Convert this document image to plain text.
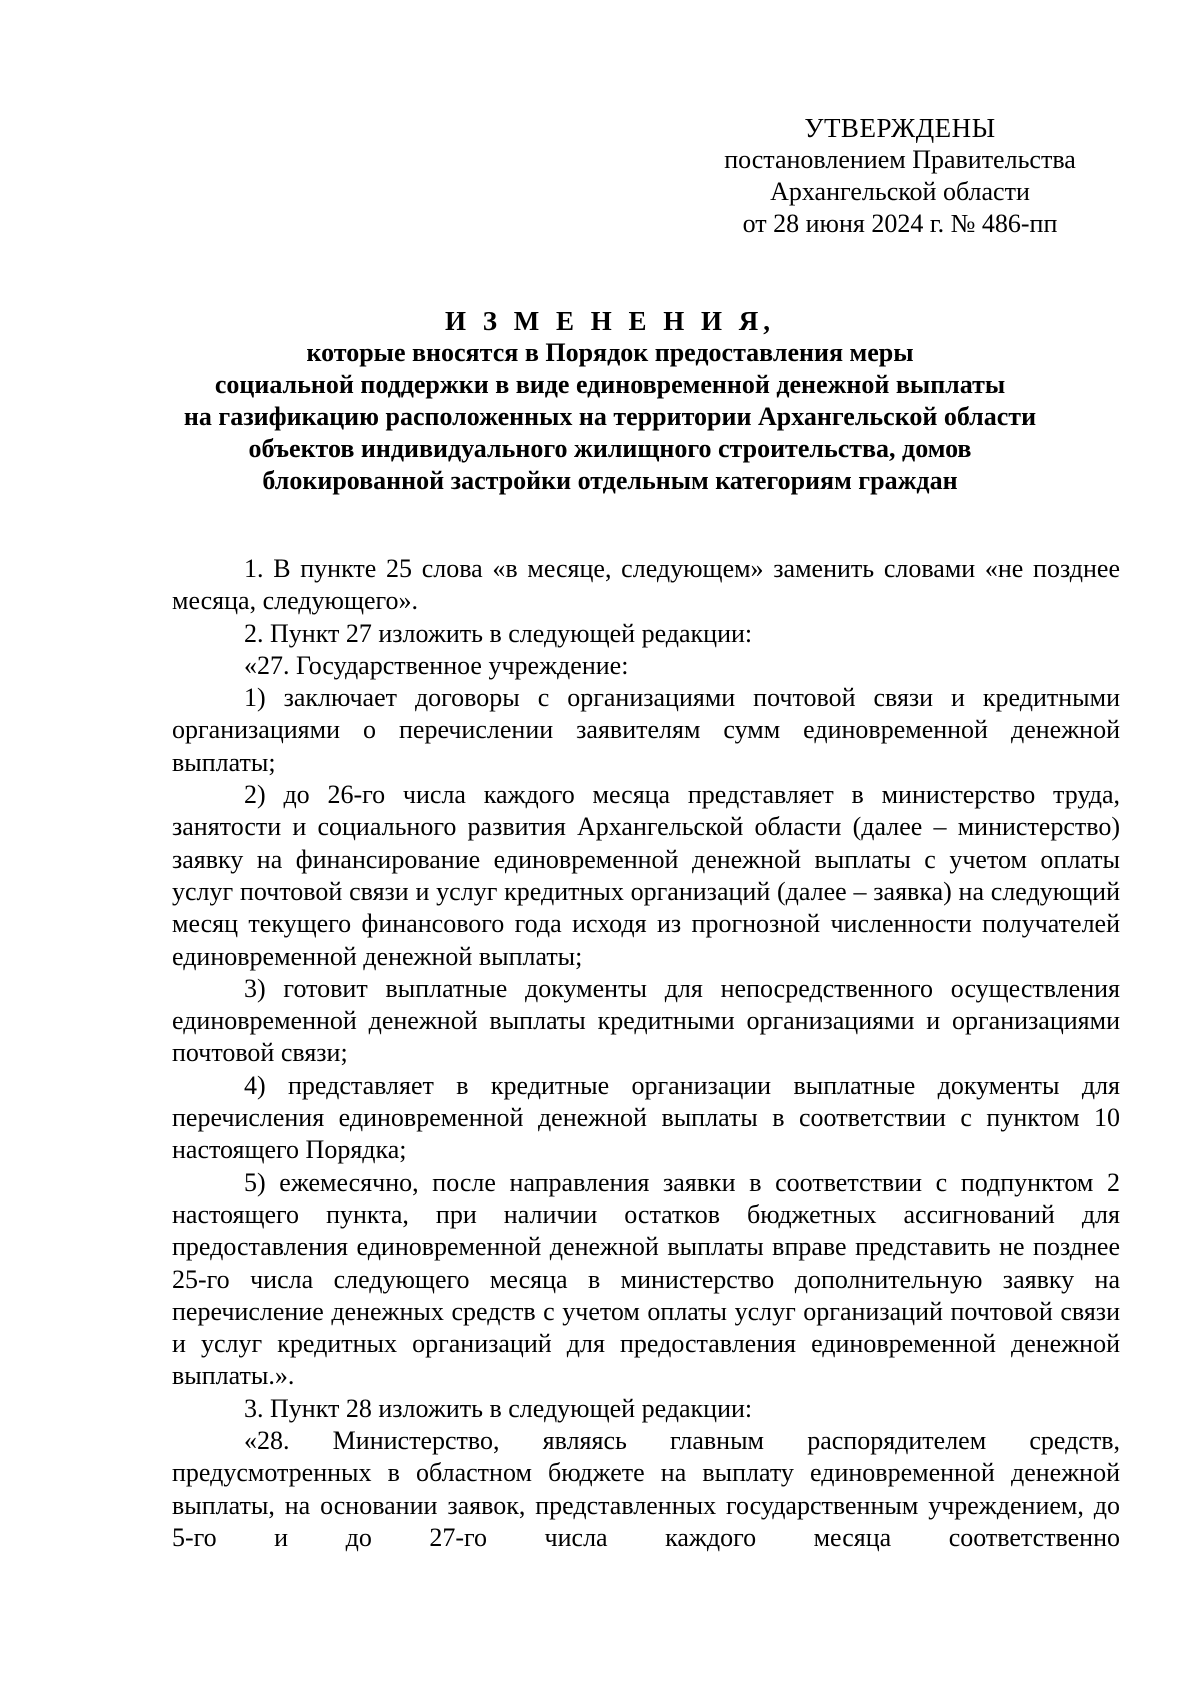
УТВЕРЖДЕНЫ
постановлением Правительства
Архангельской области
от 28 июня 2024 г. № 486-пп
И З М Е Н Е Н И Я,
которые вносятся в Порядок предоставления меры
социальной поддержки в виде единовременной денежной выплаты
на газификацию расположенных на территории Архангельской области
объектов индивидуального жилищного строительства, домов
блокированной застройки отдельным категориям граждан

1. В пункте 25 слова «в месяце, следующем» заменить словами «не позднее месяца, следующего».

2. Пункт 27 изложить в следующей редакции:

«27. Государственное учреждение:

1) заключает договоры с организациями почтовой связи и кредитными организациями о перечислении заявителям сумм единовременной денежной выплаты;

2) до 26-го числа каждого месяца представляет в министерство труда, занятости и социального развития Архангельской области (далее – министерство) заявку на финансирование единовременной денежной выплаты с учетом оплаты услуг почтовой связи и услуг кредитных организаций (далее – заявка) на следующий месяц текущего финансового года исходя из прогнозной численности получателей единовременной денежной выплаты;

3) готовит выплатные документы для непосредственного осуществления единовременной денежной выплаты кредитными организациями и организациями почтовой связи;

4) представляет в кредитные организации выплатные документы для перечисления единовременной денежной выплаты в соответствии с пунктом 10 настоящего Порядка;

5) ежемесячно, после направления заявки в соответствии с подпунктом 2 настоящего пункта, при наличии остатков бюджетных ассигнований для предоставления единовременной денежной выплаты вправе представить не позднее 25-го числа следующего месяца в министерство дополнительную заявку на перечисление денежных средств с учетом оплаты услуг организаций почтовой связи и услуг кредитных организаций для предоставления единовременной денежной выплаты.».

3. Пункт 28 изложить в следующей редакции:

«28. Министерство, являясь главным распорядителем средств, предусмотренных в областном бюджете на выплату единовременной денежной выплаты, на основании заявок, представленных государственным учреждением, до 5-го и до 27-го числа каждого месяца соответственно
